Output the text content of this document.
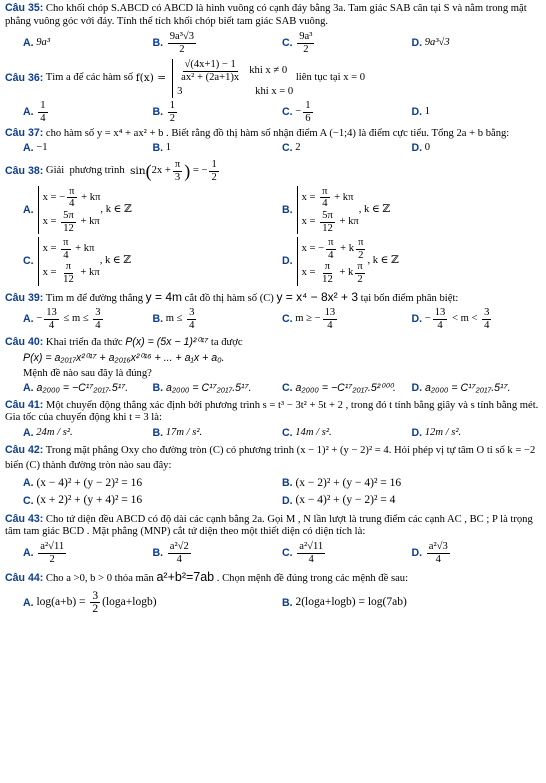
Câu 35: Cho khối chóp S.ABCD có ABCD là hình vuông có cạnh đáy bằng 3a. Tam giác SAB cân tại S và nằm trong mặt phẳng vuông góc với đáy. Tính thể tích khối chóp biết tam giác SAB vuông.

A.
9a³	B.
$\frac{\text{9a³√3}}{2}$	C.
$\frac{\text{9a³}}{2}$	D.
9a³√3
Câu 36: Tìm a để các hàm số $f(x) = \frac{√(4x+1) - 1}{\text{ax² + (2a+1)x}}$ khi x ≠ 0
3	khi x = 0
liên tục tại x = 0
A.
$\frac{1}{4}$	B.
$\frac{1}{2}$	C.
− $\frac{1}{6}$	D.
1

Câu 37: cho hàm số y = x⁴ + ax² + b . Biết rằng đồ thị hàm số nhận điểm A (−1;4) là điểm cực tiểu. Tổng 2a + b bằng:

A.
−1	B.
1	C.
2	D.
0
Câu 38: Giải  phương trình sin ( $2x + \frac{\pi}{3}$ ) = − $\frac{1}{2}$
A.
x = − $\frac{\pi}{4} + k\pi$
$x = \frac{5\pi}{12} + k\pi$
, k ∈ ℤ	B.
$x = \frac{\pi}{4} + k\pi$
$x = \frac{5\pi}{12} + k\pi$
, k ∈ ℤ
C.
$x = \frac{\pi}{4} + k\pi$
$x = \frac{\pi}{12} + k\pi$
, k ∈ ℤ	D.
x = − $\frac{\pi}{4} + k \frac{\pi}{2}$
$x = \frac{\pi}{12} + k \frac{\pi}{2}$
, k ∈ ℤ

Câu 39: Tìm m để đường thẳng y = 4m cắt đồ thị hàm số (C) y = x⁴ − 8x² + 3 tại bốn điểm phân biệt:

A.
− $\frac{13}{4} \le m \le \frac{3}{4}$	B.
$m \le \frac{3}{4}$	C.
m ≥ − $\frac{13}{4}$	D.
− $\frac{13}{4} < m < \frac{3}{4}$

Câu 40: Khai triển đa thức P(x) = (5x − 1)²⁰¹⁷ ta được

P(x) = a₂₀₁₇x²⁰¹⁷ + a₂₀₁₆x²⁰¹⁶ + ... + a₁x + a₀.

Mệnh đề nào sau đây là đúng?

A.
a₂₀₀₀ = −C¹⁷₂₀₁₇.5¹⁷. B.
a₂₀₀₀ = C¹⁷₂₀₁₇.5¹⁷.	C.
a₂₀₀₀ = −C¹⁷₂₀₁₇.5²⁰⁰⁰. D.
a₂₀₀₀ = C¹⁷₂₀₁₇.5¹⁷.

Câu 41: Một chuyển động thẳng xác định bởi phương trình s = t³ − 3t² + 5t + 2 , trong đó t tính bằng giây và s tính bằng mét. Gia tốc của chuyển động khi t = 3 là:

A.
24m / s².	B.
17m / s².	C.
14m / s².	D.
12m / s².

Câu 42: Trong mặt phẳng Oxy cho đường tròn (C) có phương trình (x − 1)² + (y − 2)² = 4. Hỏi phép vị tự tâm O tỉ số k = −2 biến (C) thành đường tròn nào sau đây:

A.
(x − 4)² + (y − 2)² = 16	B.
(x − 2)² + (y − 4)² = 16
C.
(x + 2)² + (y + 4)² = 16	D.
(x − 4)² + (y − 2)² = 4

Câu 43: Cho tứ diện đều ABCD có độ dài các cạnh bằng 2a. Gọi M , N lần lượt là trung điểm các cạnh AC , BC ; P là trọng tâm tam giác BCD . Mặt phẳng (MNP) cắt tứ diện theo một thiết diện có diện tích là:

A.
$\frac{\text{a²√11}}{2}$	B.
$\frac{\text{a²√2}}{4}$	C.
$\frac{\text{a²√11}}{4}$	D.
$\frac{\text{a²√3}}{4}$

Câu 44: Cho a >0, b > 0 thỏa mãn a²+b²=7ab . Chọn mệnh đề đúng trong các mệnh đề sau:

A.
$\log(a+b) = \frac{3}{2} (\log a+\log b)$	B.
2(loga+logb) = log(7ab)
